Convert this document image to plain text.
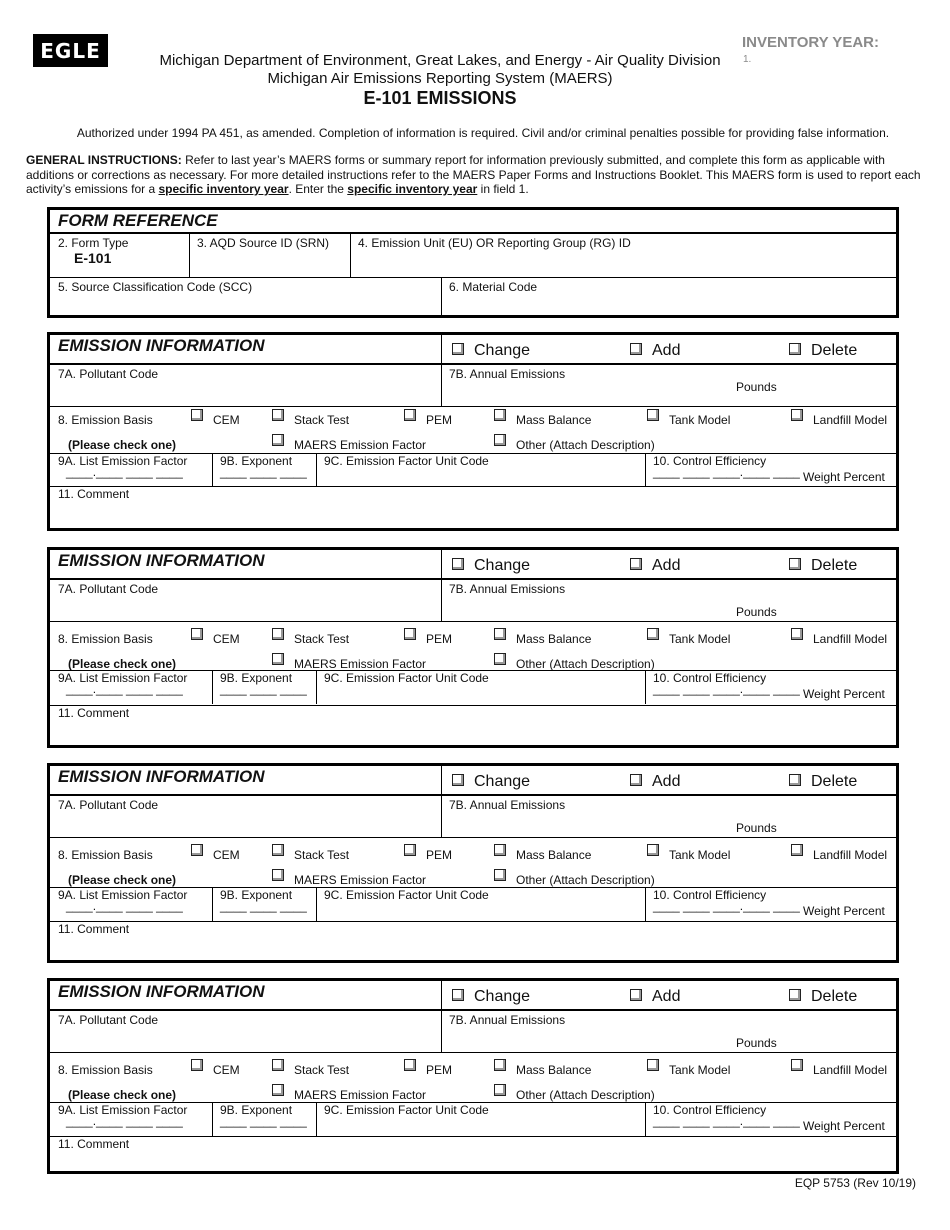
EGLE	Michigan Department of Environment, Great Lakes, and Energy - Air Quality Division
Michigan Air Emissions Reporting System (MAERS)
E-101 EMISSIONS
INVENTORY YEAR:
1.
Authorized under 1994 PA 451, as amended. Completion of information is required. Civil and/or criminal penalties possible for providing false information.
GENERAL INSTRUCTIONS: Refer to last year’s MAERS forms or summary report for information previously submitted, and complete this form as applicable with additions or corrections as necessary. For more detailed instructions refer to the MAERS Paper Forms and Instructions Booklet. This MAERS form is used to report each activity’s emissions for a specific inventory year. Enter the specific inventory year in field 1.
FORM REFERENCE
2. Form Type
E-101
3. AQD Source ID (SRN) 4. Emission Unit (EU) OR Reporting Group (RG) ID
5. Source Classification Code (SCC)	6. Material Code
EMISSION INFORMATION	Change	Add	Delete
7A. Pollutant Code	7B. Annual Emissions
Pounds
8. Emission Basis	CEM	Stack Test	PEM	Mass Balance	Tank Model	Landfill Model
(Please check one)	MAERS Emission Factor	Other (Attach Description)
9A. List Emission Factor
____.____ ____ ____
9B. Exponent
____ ____ ____
9C. Emission Factor Unit Code	10. Control Efficiency
____ ____ ____.____ ____ Weight Percent
11. Comment
EMISSION INFORMATION	Change	Add	Delete
7A. Pollutant Code	7B. Annual Emissions
Pounds
8. Emission Basis	CEM	Stack Test	PEM	Mass Balance	Tank Model	Landfill Model
(Please check one)	MAERS Emission Factor	Other (Attach Description)
9A. List Emission Factor
____.____ ____ ____
9B. Exponent
____ ____ ____
9C. Emission Factor Unit Code	10. Control Efficiency
____ ____ ____.____ ____ Weight Percent
11. Comment
EMISSION INFORMATION	Change	Add	Delete
7A. Pollutant Code	7B. Annual Emissions
Pounds
8. Emission Basis	CEM	Stack Test	PEM	Mass Balance	Tank Model	Landfill Model
(Please check one)	MAERS Emission Factor	Other (Attach Description)
9A. List Emission Factor
____.____ ____ ____
9B. Exponent
____ ____ ____
9C. Emission Factor Unit Code	10. Control Efficiency
____ ____ ____.____ ____ Weight Percent
11. Comment
EMISSION INFORMATION	Change	Add	Delete
7A. Pollutant Code	7B. Annual Emissions
Pounds
8. Emission Basis	CEM	Stack Test	PEM	Mass Balance	Tank Model	Landfill Model
(Please check one)	MAERS Emission Factor	Other (Attach Description)
9A. List Emission Factor
____.____ ____ ____
9B. Exponent
____ ____ ____
9C. Emission Factor Unit Code	10. Control Efficiency
____ ____ ____.____ ____ Weight Percent
11. Comment
EQP 5753 (Rev 10/19)
